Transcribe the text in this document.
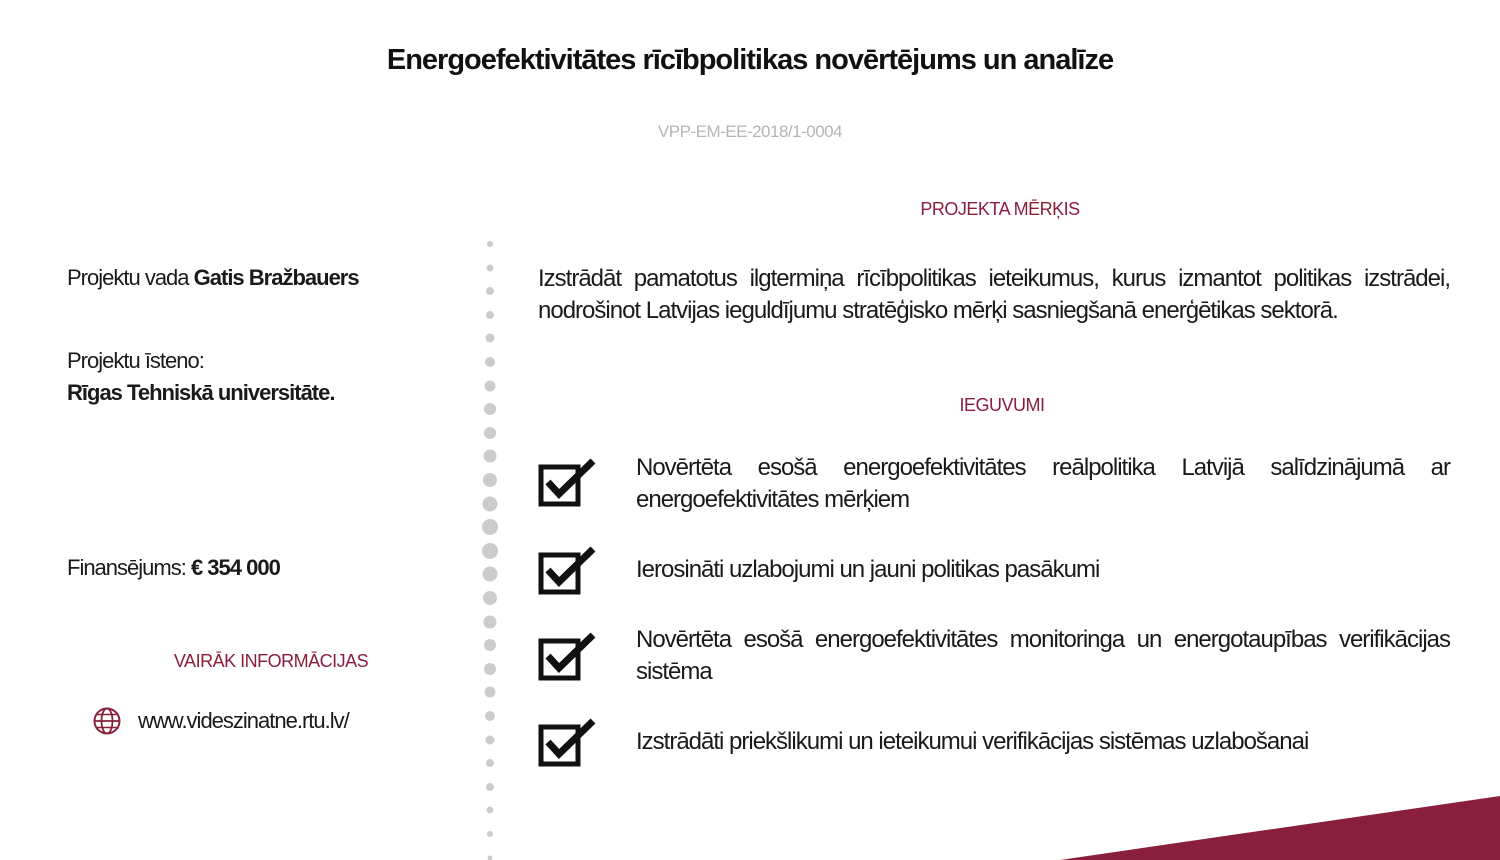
Energoefektivitātes rīcībpolitikas novērtējums un analīze
VPP-EM-EE-2018/1-0004
Projektu vada Gatis Bražbauers
Projektu īsteno:
Rīgas Tehniskā universitāte.
Finansējums: € 354 000
VAIRĀK INFORMĀCIJAS
www.videszinatne.rtu.lv/
PROJEKTA MĒRĶIS
Izstrādāt pamatotus ilgtermiņa rīcībpolitikas ieteikumus, kurus izmantot politikas izstrādei, nodrošinot Latvijas ieguldījumu stratēģisko mērķi sasniegšanā enerģētikas sektorā.
IEGUVUMI
Novērtēta esošā energoefektivitātes reālpolitika Latvijā salīdzinājumā ar energoefektivitātes mērķiem
Ierosināti uzlabojumi un jauni politikas pasākumi
Novērtēta esošā energoefektivitātes monitoringa un energotaupības verifikācijas sistēma
Izstrādāti priekšlikumi un ieteikumui verifikācijas sistēmas uzlabošanai
